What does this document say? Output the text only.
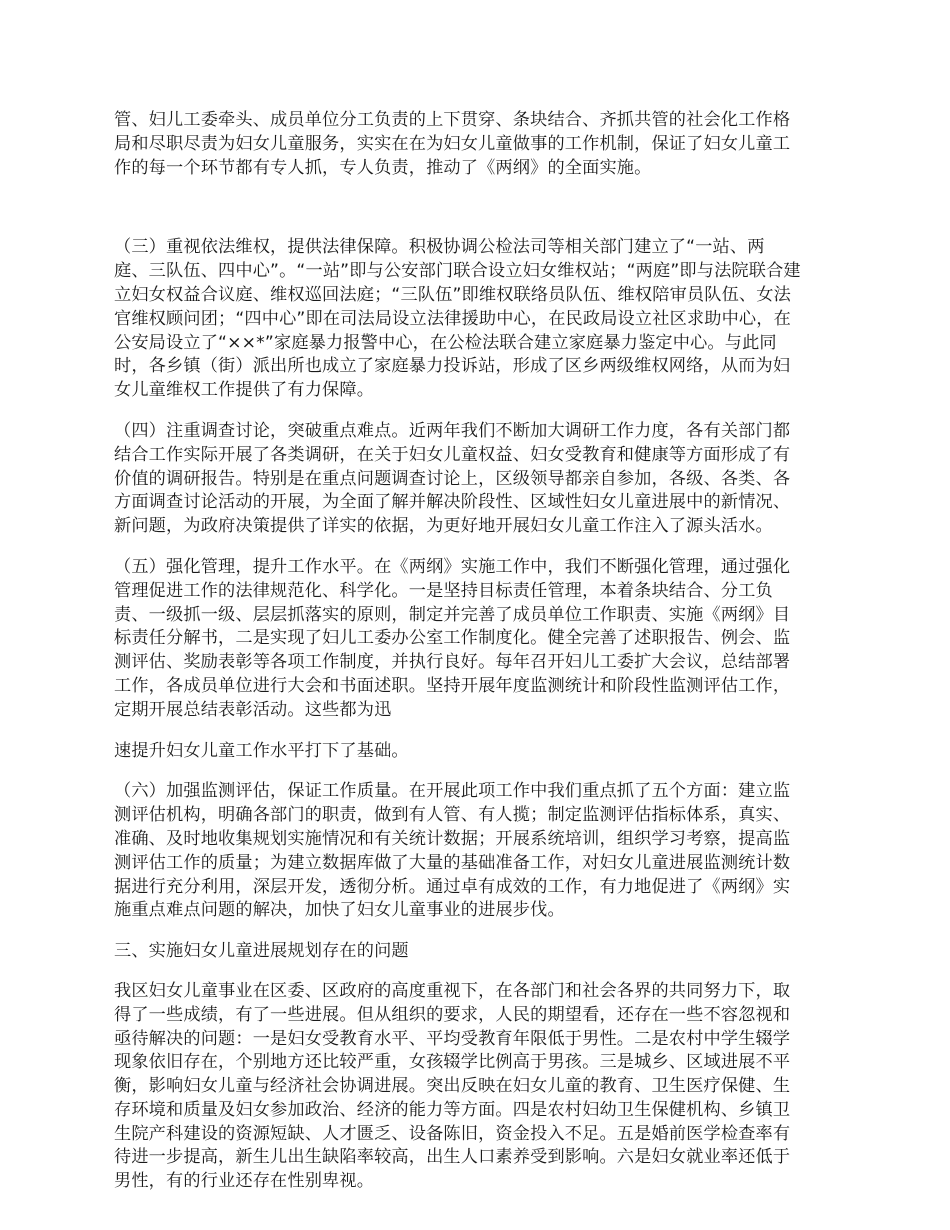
管、妇儿工委牵头、成员单位分工负责的上下贯穿、条块结合、齐抓共管的社会化工作格
局和尽职尽责为妇女儿童服务，实实在在为妇女儿童做事的工作机制，保证了妇女儿童工
作的每一个环节都有专人抓，专人负责，推动了《两纲》的全面实施。

（三）重视依法维权，提供法律保障。积极协调公检法司等相关部门建立了“一站、两
庭、三队伍、四中心”。“一站”即与公安部门联合设立妇女维权站；“两庭”即与法院联合建
立妇女权益合议庭、维权巡回法庭；“三队伍”即维权联络员队伍、维权陪审员队伍、女法
官维权顾问团；“四中心”即在司法局设立法律援助中心，在民政局设立社区求助中心，在
公安局设立了“××*”家庭暴力报警中心，在公检法联合建立家庭暴力鉴定中心。与此同
时，各乡镇（街）派出所也成立了家庭暴力投诉站，形成了区乡两级维权网络，从而为妇
女儿童维权工作提供了有力保障。

（四）注重调查讨论，突破重点难点。近两年我们不断加大调研工作力度，各有关部门都
结合工作实际开展了各类调研，在关于妇女儿童权益、妇女受教育和健康等方面形成了有
价值的调研报告。特别是在重点问题调查讨论上，区级领导都亲自参加，各级、各类、各
方面调查讨论活动的开展，为全面了解并解决阶段性、区域性妇女儿童进展中的新情况、
新问题，为政府决策提供了详实的依据，为更好地开展妇女儿童工作注入了源头活水。

（五）强化管理，提升工作水平。在《两纲》实施工作中，我们不断强化管理，通过强化
管理促进工作的法律规范化、科学化。一是坚持目标责任管理，本着条块结合、分工负
责、一级抓一级、层层抓落实的原则，制定并完善了成员单位工作职责、实施《两纲》目
标责任分解书，二是实现了妇儿工委办公室工作制度化。健全完善了述职报告、例会、监
测评估、奖励表彰等各项工作制度，并执行良好。每年召开妇儿工委扩大会议，总结部署
工作，各成员单位进行大会和书面述职。坚持开展年度监测统计和阶段性监测评估工作，
定期开展总结表彰活动。这些都为迅

速提升妇女儿童工作水平打下了基础。

（六）加强监测评估，保证工作质量。在开展此项工作中我们重点抓了五个方面：建立监
测评估机构，明确各部门的职责，做到有人管、有人揽；制定监测评估指标体系，真实、
准确、及时地收集规划实施情况和有关统计数据；开展系统培训，组织学习考察，提高监
测评估工作的质量；为建立数据库做了大量的基础准备工作，对妇女儿童进展监测统计数
据进行充分利用，深层开发，透彻分析。通过卓有成效的工作，有力地促进了《两纲》实
施重点难点问题的解决，加快了妇女儿童事业的进展步伐。

三、实施妇女儿童进展规划存在的问题

我区妇女儿童事业在区委、区政府的高度重视下，在各部门和社会各界的共同努力下，取
得了一些成绩，有了一些进展。但从组织的要求，人民的期望看，还存在一些不容忽视和
亟待解决的问题：一是妇女受教育水平、平均受教育年限低于男性。二是农村中学生辍学
现象依旧存在，个别地方还比较严重，女孩辍学比例高于男孩。三是城乡、区域进展不平
衡，影响妇女儿童与经济社会协调进展。突出反映在妇女儿童的教育、卫生医疗保健、生
存环境和质量及妇女参加政治、经济的能力等方面。四是农村妇幼卫生保健机构、乡镇卫
生院产科建设的资源短缺、人才匮乏、设备陈旧，资金投入不足。五是婚前医学检查率有
待进一步提高，新生儿出生缺陷率较高，出生人口素养受到影响。六是妇女就业率还低于
男性，有的行业还存在性别卑视。
